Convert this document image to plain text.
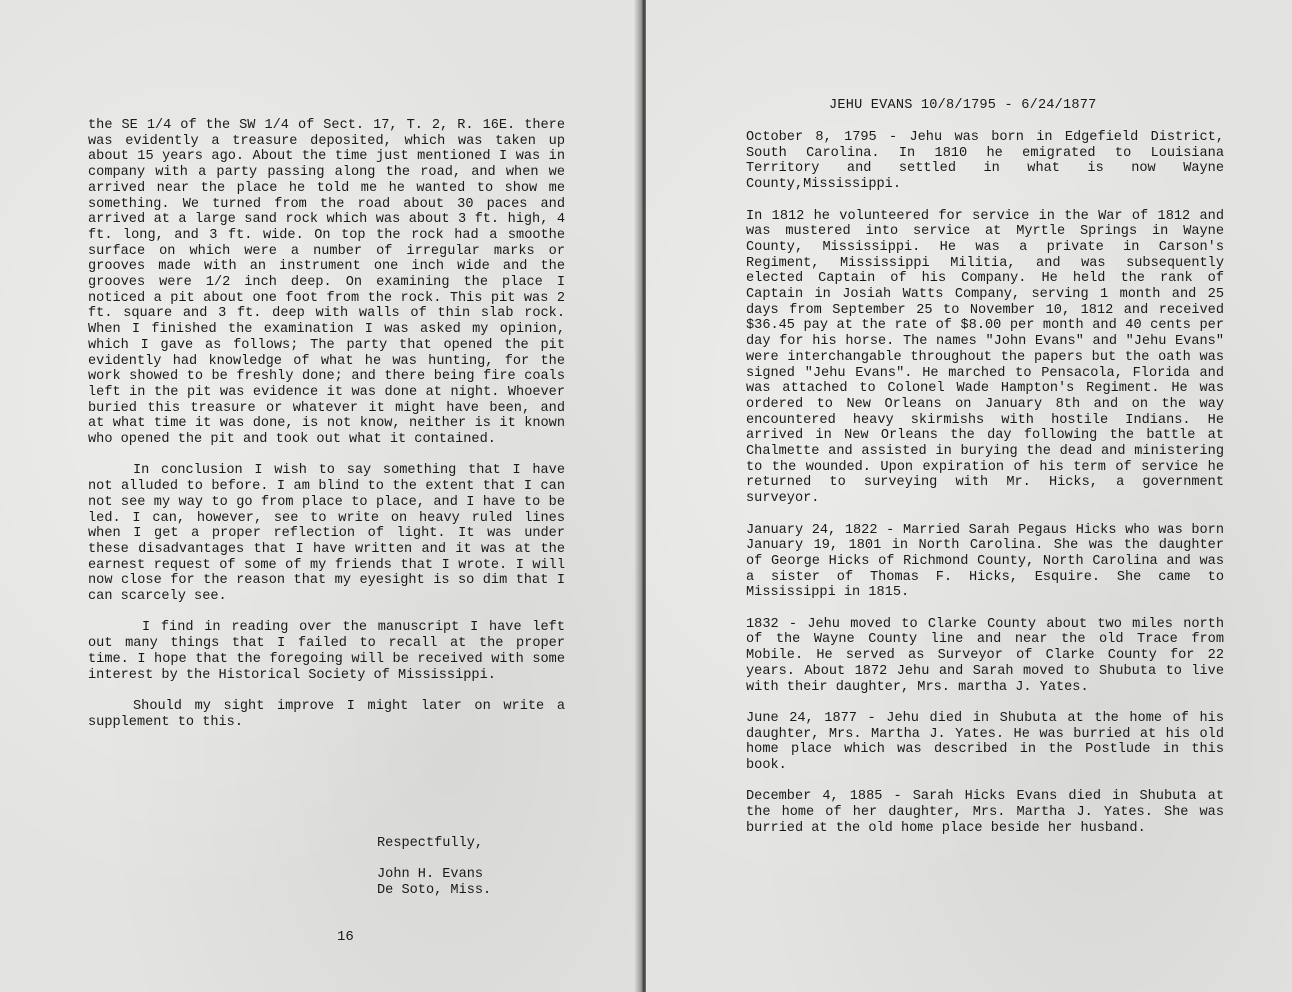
the SE 1/4 of the SW 1/4 of Sect. 17, T. 2, R. 16E. there was evidently a treasure deposited, which was taken up about 15 years ago. About the time just mentioned I was in company with a party passing along the road, and when we arrived near the place he told me he wanted to show me something. We turned from the road about 30 paces and arrived at a large sand rock which was about 3 ft. high, 4 ft. long, and 3 ft. wide. On top the rock had a smoothe surface on which were a number of irregular marks or grooves made with an instrument one inch wide and the grooves were 1/2 inch deep. On examining the place I noticed a pit about one foot from the rock. This pit was 2 ft. square and 3 ft. deep with walls of thin slab rock. When I finished the examination I was asked my opinion, which I gave as follows; The party that opened the pit evidently had knowledge of what he was hunting, for the work showed to be freshly done; and there being fire coals left in the pit was evidence it was done at night. Whoever buried this treasure or whatever it might have been, and at what time it was done, is not know, neither is it known who opened the pit and took out what it contained.

In conclusion I wish to say something that I have not alluded to before. I am blind to the extent that I can not see my way to go from place to place, and I have to be led. I can, however, see to write on heavy ruled lines when I get a proper reflection of light. It was under these disadvantages that I have written and it was at the earnest request of some of my friends that I wrote. I will now close for the reason that my eyesight is so dim that I can scarcely see.

I find in reading over the manuscript I have left out many things that I failed to recall at the proper time. I hope that the foregoing will be received with some interest by the Historical Society of Mississippi.

Should my sight improve I might later on write a supplement to this.

Respectfully,
John H. Evans
De Soto, Miss.
16
JEHU EVANS 10/8/1795 - 6/24/1877

October 8, 1795 - Jehu was born in Edgefield District, South Carolina. In 1810 he emigrated to Louisiana Territory and settled in what is now Wayne County,Mississippi.

In 1812 he volunteered for service in the War of 1812 and was mustered into service at Myrtle Springs in Wayne County, Mississippi. He was a private in Carson's Regiment, Mississippi Militia, and was subsequently elected Captain of his Company. He held the rank of Captain in Josiah Watts Company, serving 1 month and 25 days from September 25 to November 10, 1812 and received $36.45 pay at the rate of $8.00 per month and 40 cents per day for his horse. The names "John Evans" and "Jehu Evans" were interchangable throughout the papers but the oath was signed "Jehu Evans". He marched to Pensacola, Florida and was attached to Colonel Wade Hampton's Regiment. He was ordered to New Orleans on January 8th and on the way encountered heavy skirmishs with hostile Indians. He arrived in New Orleans the day following the battle at Chalmette and assisted in burying the dead and ministering to the wounded. Upon expiration of his term of service he returned to surveying with Mr. Hicks, a government surveyor.

January 24, 1822 - Married Sarah Pegaus Hicks who was born January 19, 1801 in North Carolina. She was the daughter of George Hicks of Richmond County, North Carolina and was a sister of Thomas F. Hicks, Esquire. She came to Mississippi in 1815.

1832 - Jehu moved to Clarke County about two miles north of the Wayne County line and near the old Trace from Mobile. He served as Surveyor of Clarke County for 22 years. About 1872 Jehu and Sarah moved to Shubuta to live with their daughter, Mrs. martha J. Yates.

June 24, 1877 - Jehu died in Shubuta at the home of his daughter, Mrs. Martha J. Yates. He was burried at his old home place which was described in the Postlude in this book.

December 4, 1885 - Sarah Hicks Evans died in Shubuta at the home of her daughter, Mrs. Martha J. Yates. She was burried at the old home place beside her husband.
